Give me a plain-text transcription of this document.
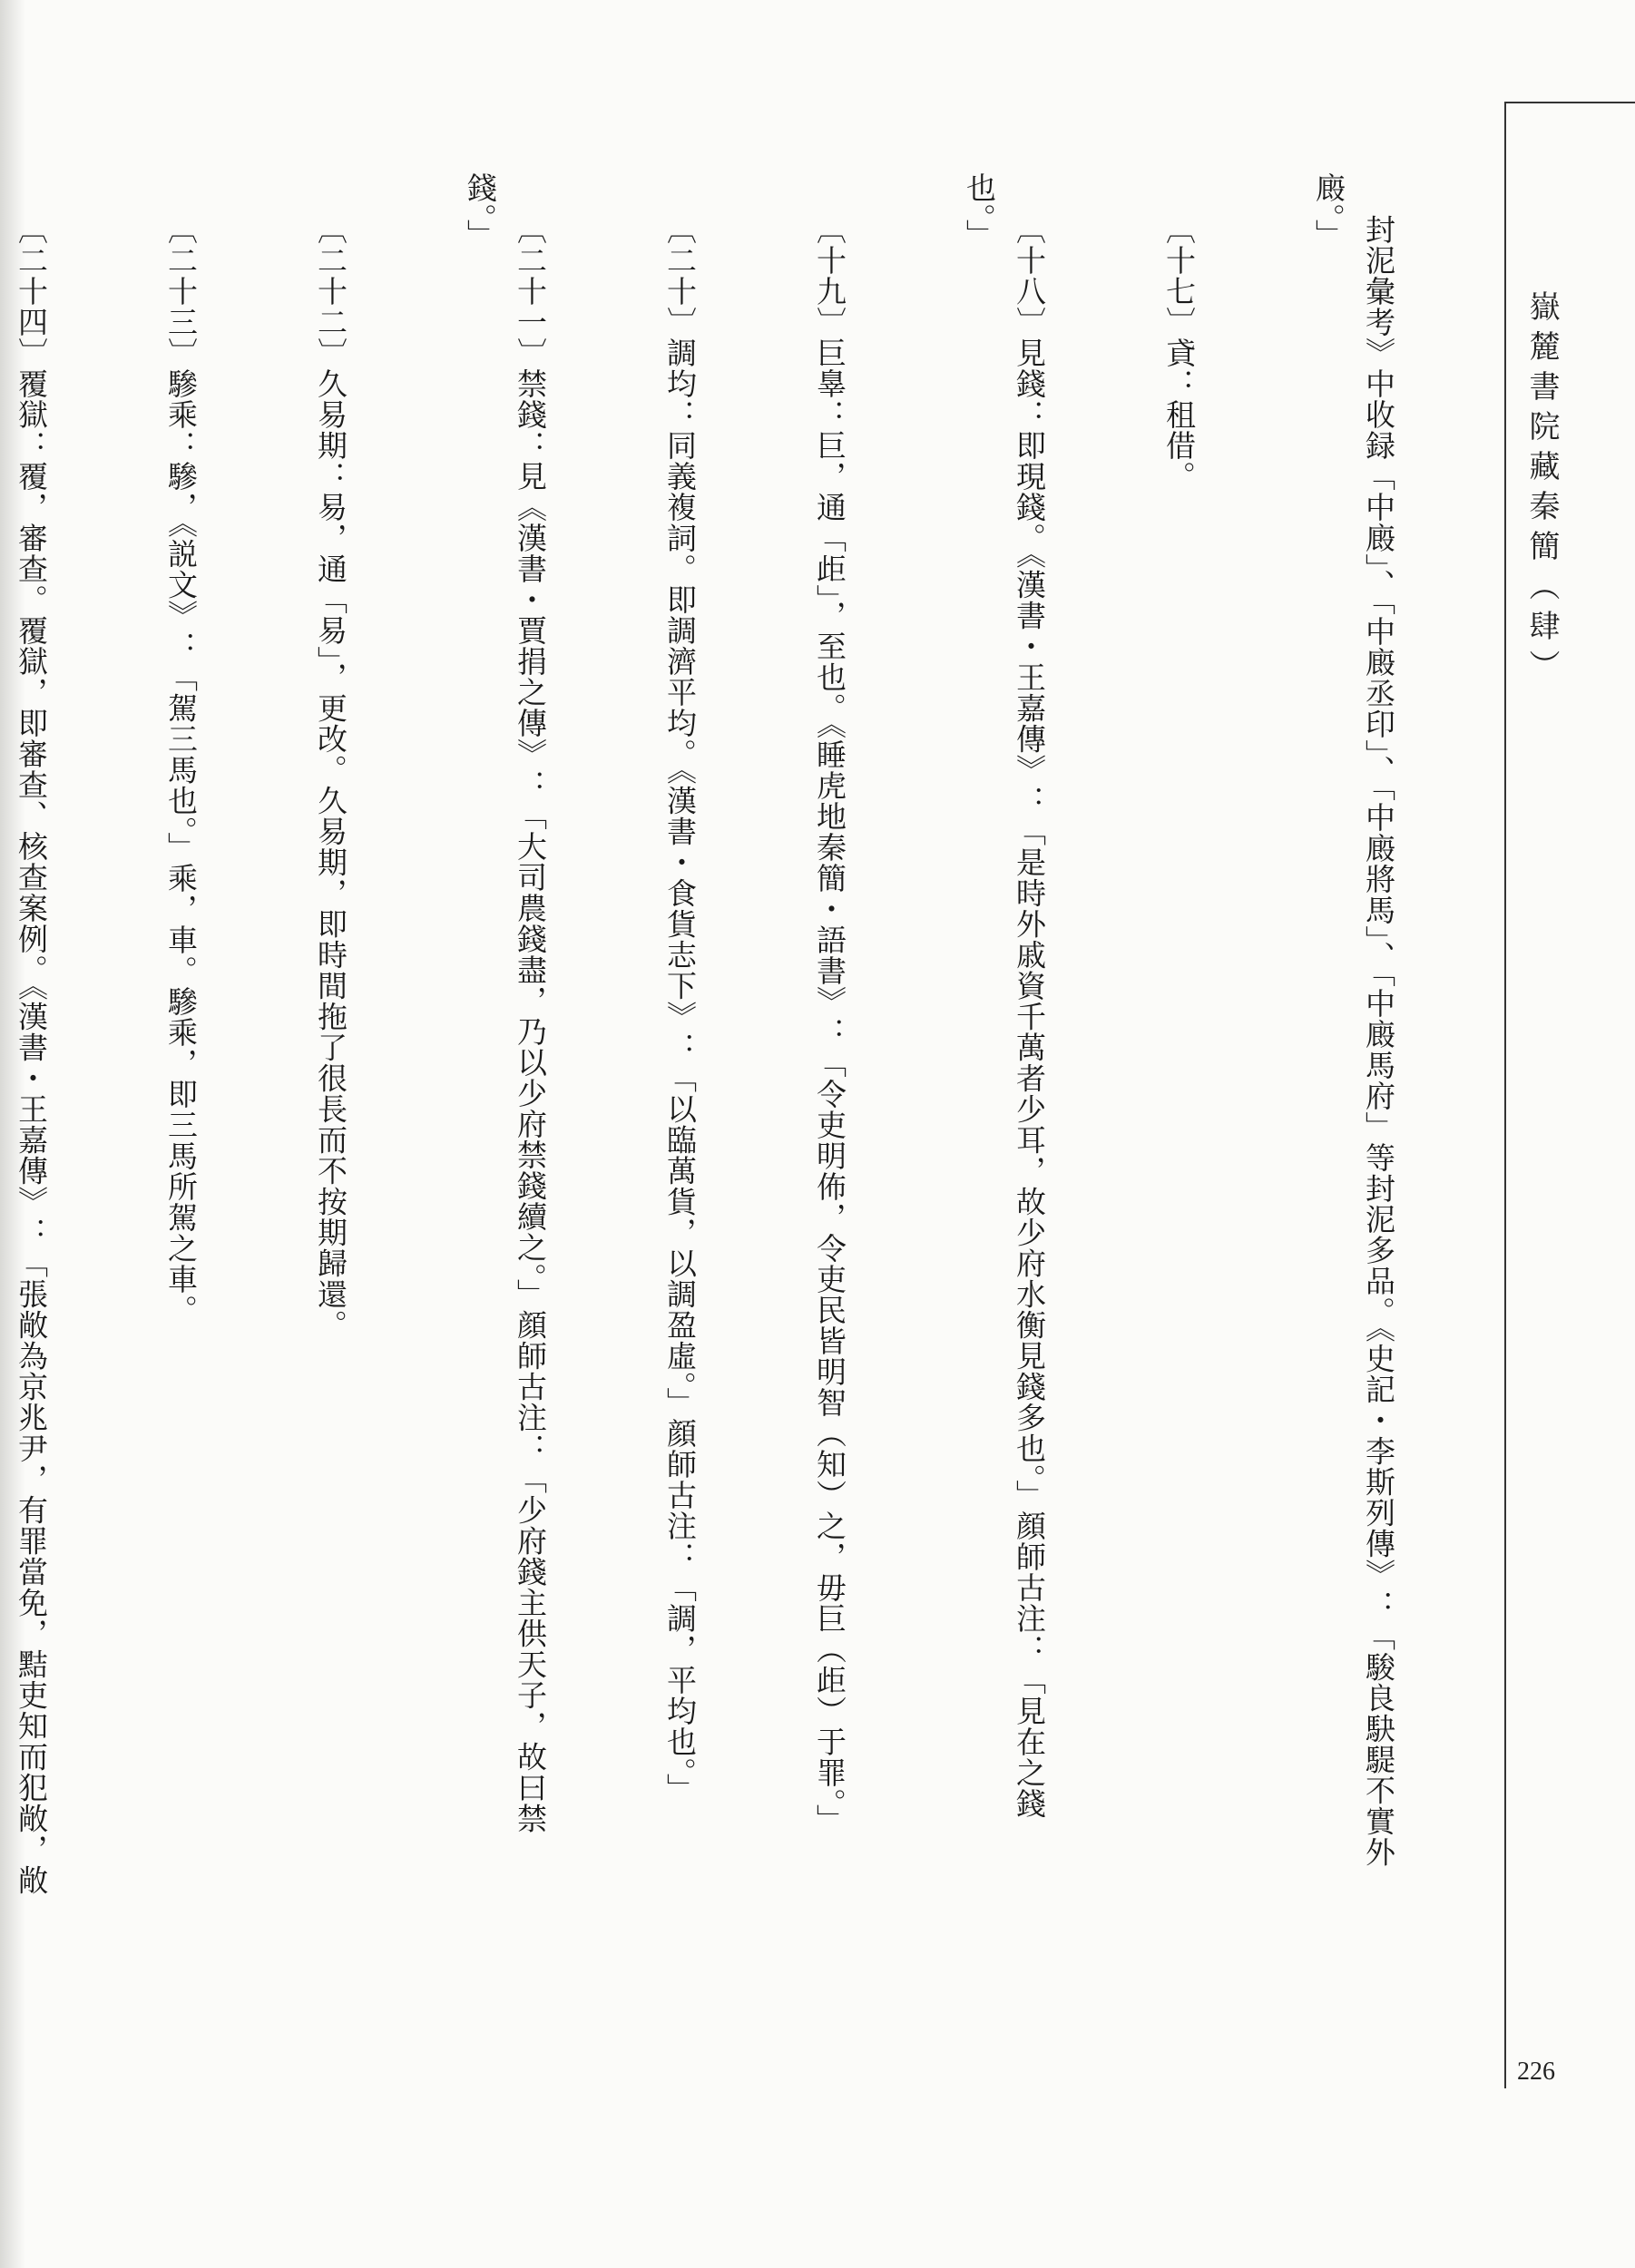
嶽麓書院藏秦簡（肆）
226

封泥彙考》中收録「中廄」、「中廄丞印」、「中廄將馬」、「中廄馬府」等封泥多品。《史記・李斯列傳》：「駿良駃騠不實外廄。」

〔十七〕貣：租借。

〔十八〕見錢：即現錢。《漢書・王嘉傳》：「是時外戚資千萬者少耳，故少府水衡見錢多也。」顔師古注：「見在之錢也。」

〔十九〕巨辠：巨，通「歫」，至也。《睡虎地秦簡・語書》：「令吏明佈，令吏民皆明智（知）之，毋巨（歫）于罪。」

〔二十〕調均：同義複詞。即調濟平均。《漢書・食貨志下》：「以臨萬貨，以調盈虛。」顔師古注：「調，平均也。」

〔二十一〕禁錢：見《漢書・賈捐之傳》：「大司農錢盡，乃以少府禁錢續之。」顔師古注：「少府錢主供天子，故曰禁錢。」

〔二十二〕久易期：易，通「易」，更改。久易期，即時間拖了很長而不按期歸還。

〔二十三〕驂乘：驂，《説文》：「駕三馬也。」乘，車。驂乘，即三馬所駕之車。

〔二十四〕覆獄：覆，審查。覆獄，即審查、核查案例。《漢書・王嘉傳》：「張敞為京兆尹，有罪當免，黠吏知而犯敞，敞
